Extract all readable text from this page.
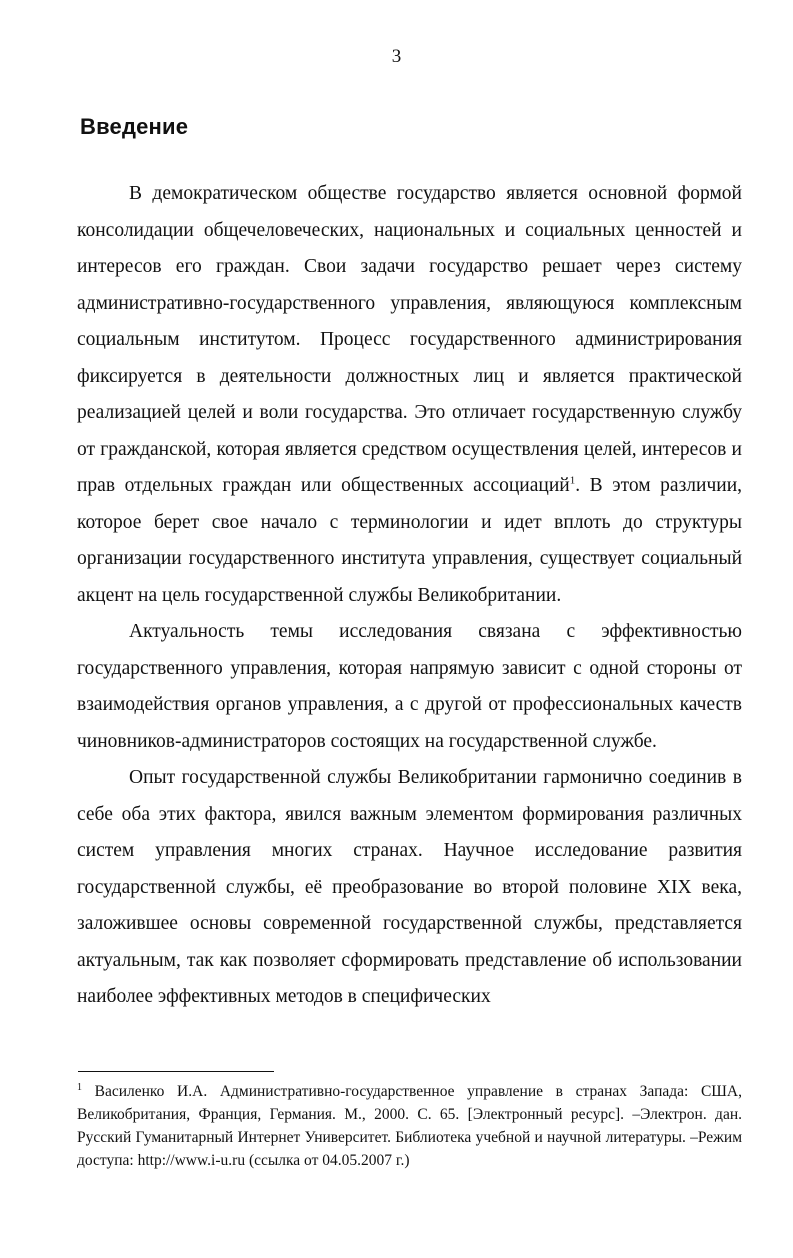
3
Введение

В демократическом обществе государство является основной формой консолидации общечеловеческих, национальных и социальных ценностей и интересов его граждан. Свои задачи государство решает через систему административно-государственного управления, являющуюся комплексным социальным институтом. Процесс государственного администрирования фиксируется в деятельности должностных лиц и является практической реализацией целей и воли государства. Это отличает государственную службу от гражданской, которая является средством осуществления целей, интересов и прав отдельных граждан или общественных ассоциаций$^1$. В этом различии, которое берет свое начало с терминологии и идет вплоть до структуры организации государственного института управления, существует социальный акцент на цель государственной службы Великобритании.

Актуальность темы исследования связана с эффективностью государственного управления, которая напрямую зависит с одной стороны от взаимодействия органов управления, а с другой от профессиональных качеств чиновников-администраторов состоящих на государственной службе.

Опыт государственной службы Великобритании гармонично соединив в себе оба этих фактора, явился важным элементом формирования различных систем управления многих странах. Научное исследование развития государственной службы, её преобразование во второй половине XIX века, заложившее основы современной государственной службы, представляется актуальным, так как позволяет сформировать представление об использовании наиболее эффективных методов в специфических

$^1$ Василенко И.А. Административно-государственное управление в странах Запада: США, Великобритания, Франция, Германия. М., 2000. С. 65. [Электронный ресурс]. –Электрон. дан. Русский Гуманитарный Интернет Университет. Библиотека учебной и научной литературы. –Режим доступа: http://www.i-u.ru (ссылка от 04.05.2007 г.)
